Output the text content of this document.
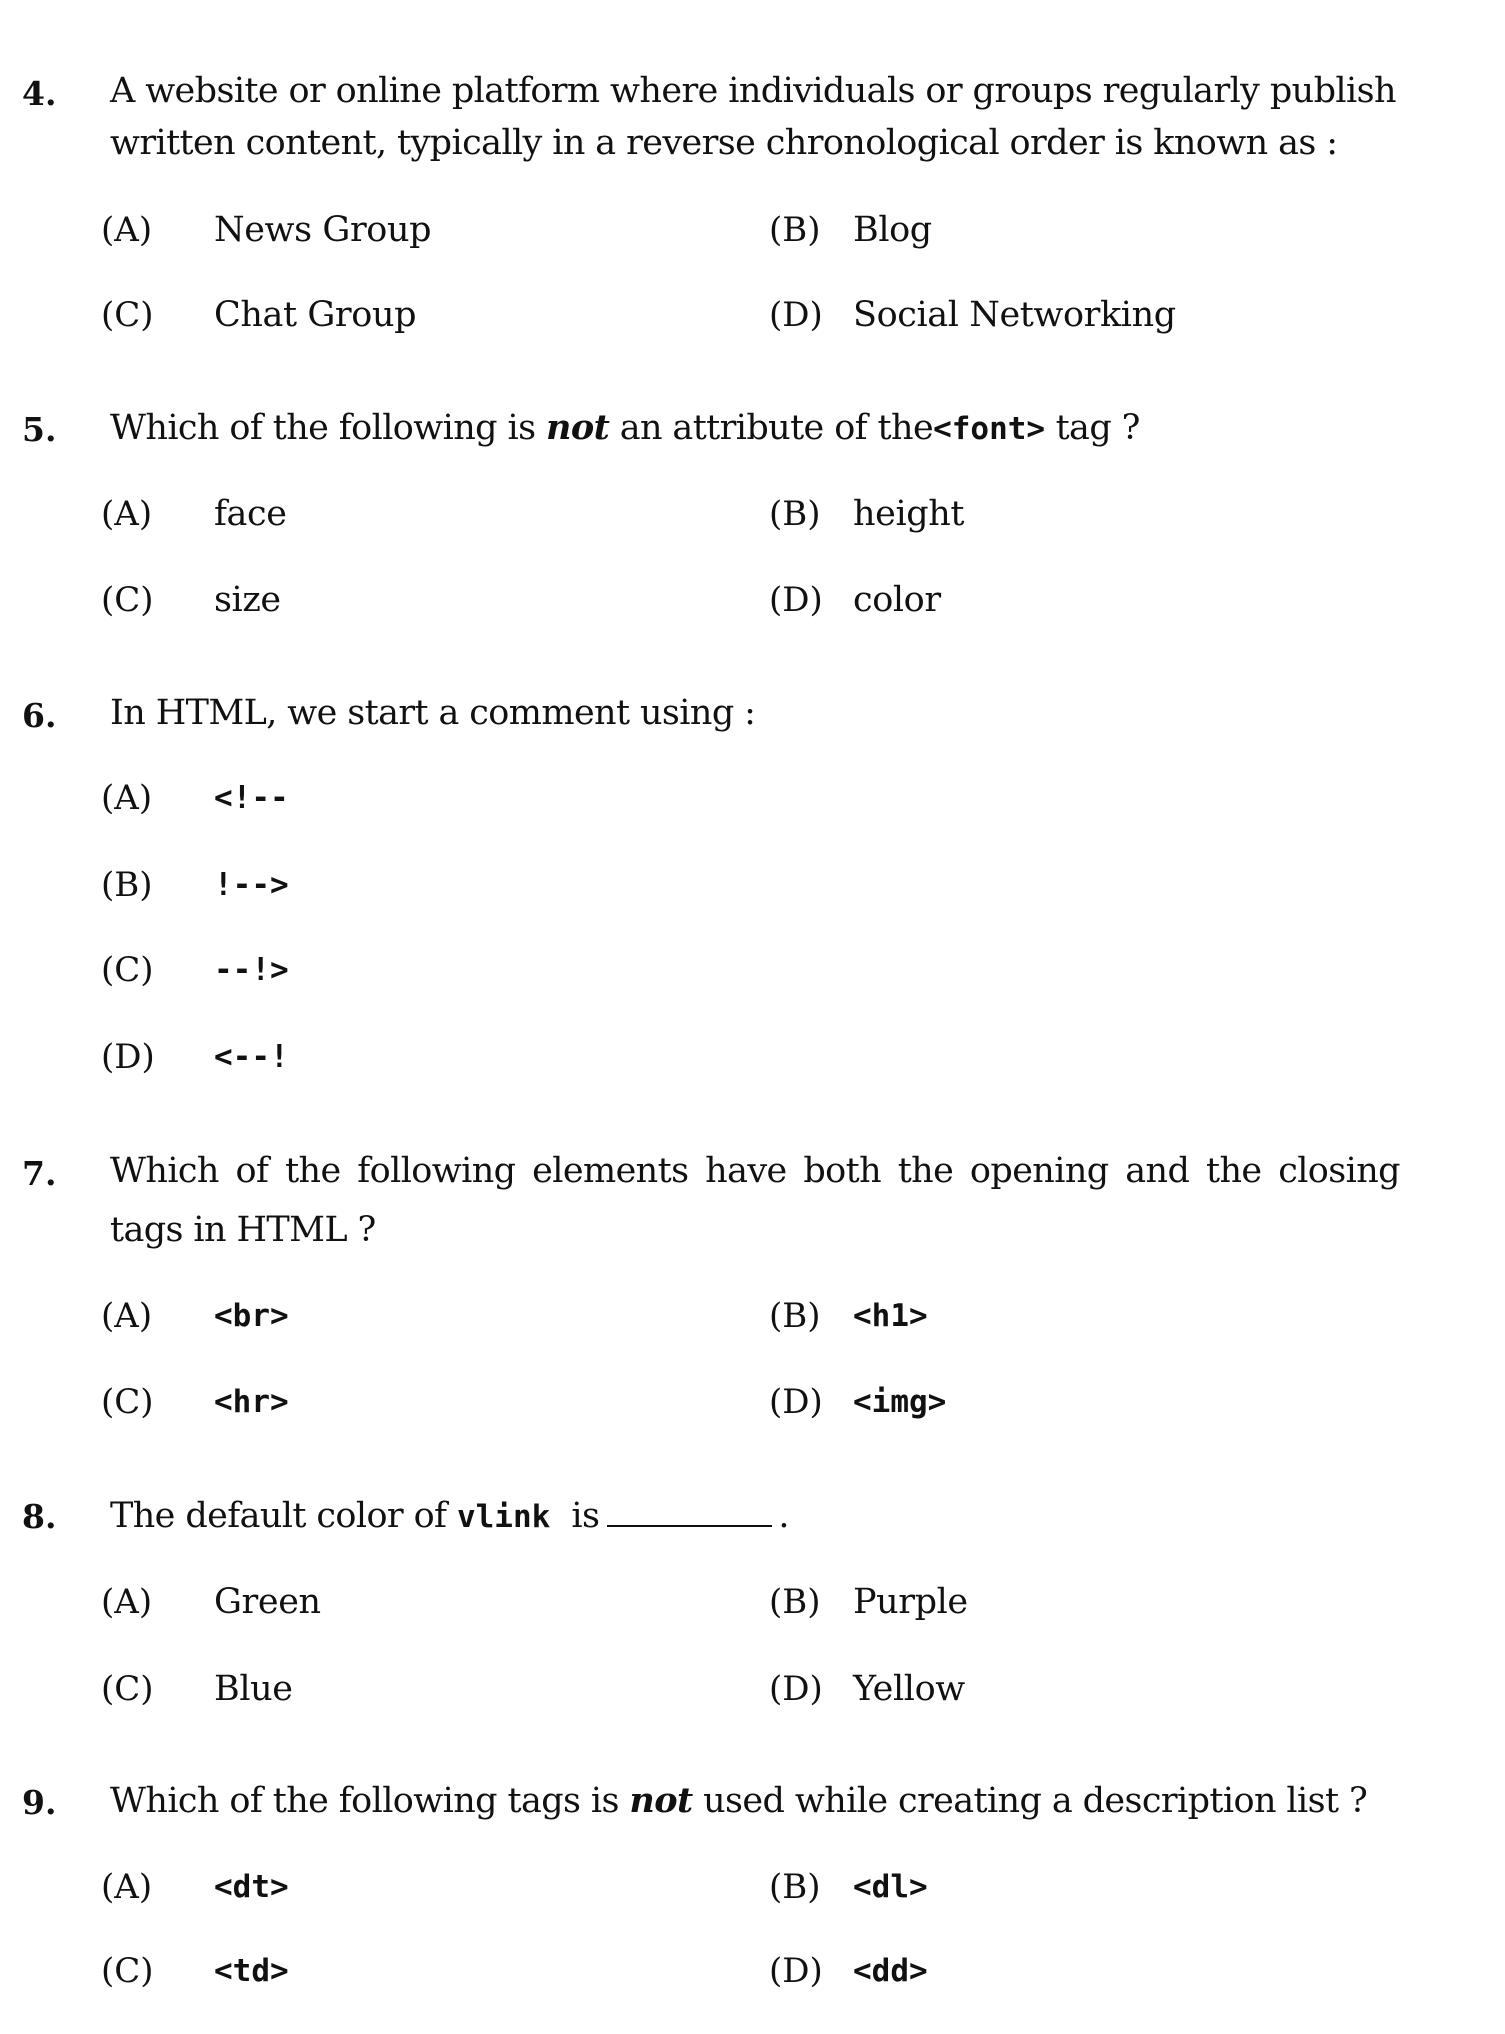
4. A website or online platform where individuals or groups regularly publish
written content, typically in a reverse chronological order is known as :
(A) News Group	(B) Blog
(C) Chat Group	(D) Social Networking
5. Which of the following is not an attribute of the<font> tag ?
(A) face	(B) height
(C) size	(D) color
6. In HTML, we start a comment using :
(A) <!--
(B) !-->
(C) --!>
(D) <--!
7. Which of the following elements have both the opening and the closing
tags in HTML ?
(A) <br>	(B) <h1>
(C) <hr>	(D) <img>
8. The default color of vlink is	.
(A) Green	(B) Purple
(C) Blue	(D) Yellow
9. Which of the following tags is not used while creating a description list ?
(A) <dt>	(B) <dl>
(C) <td>	(D) <dd>
